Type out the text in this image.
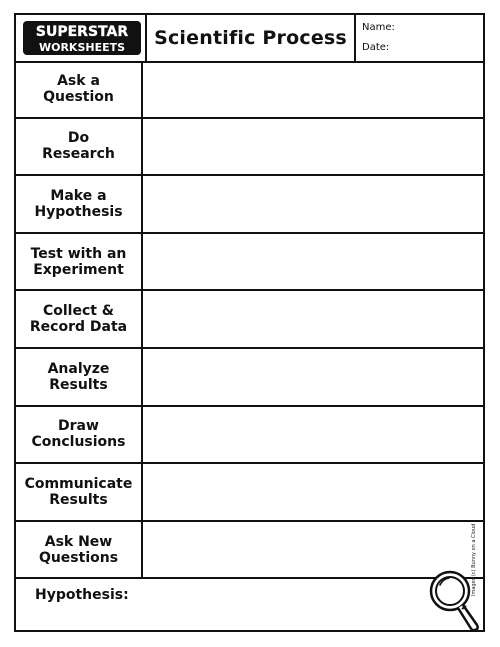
SUPERSTAR
WORKSHEETS Scientific Process Name:
Date:
Ask a
Question
Do
Research
Make a
Hypothesis
Test with an
Experiment
Collect &
Record Data
Analyze
Results
Draw
Conclusions
Communicate
Results
Ask New
Questions
Hypothesis:	Images (c) Bunny on a Cloud
